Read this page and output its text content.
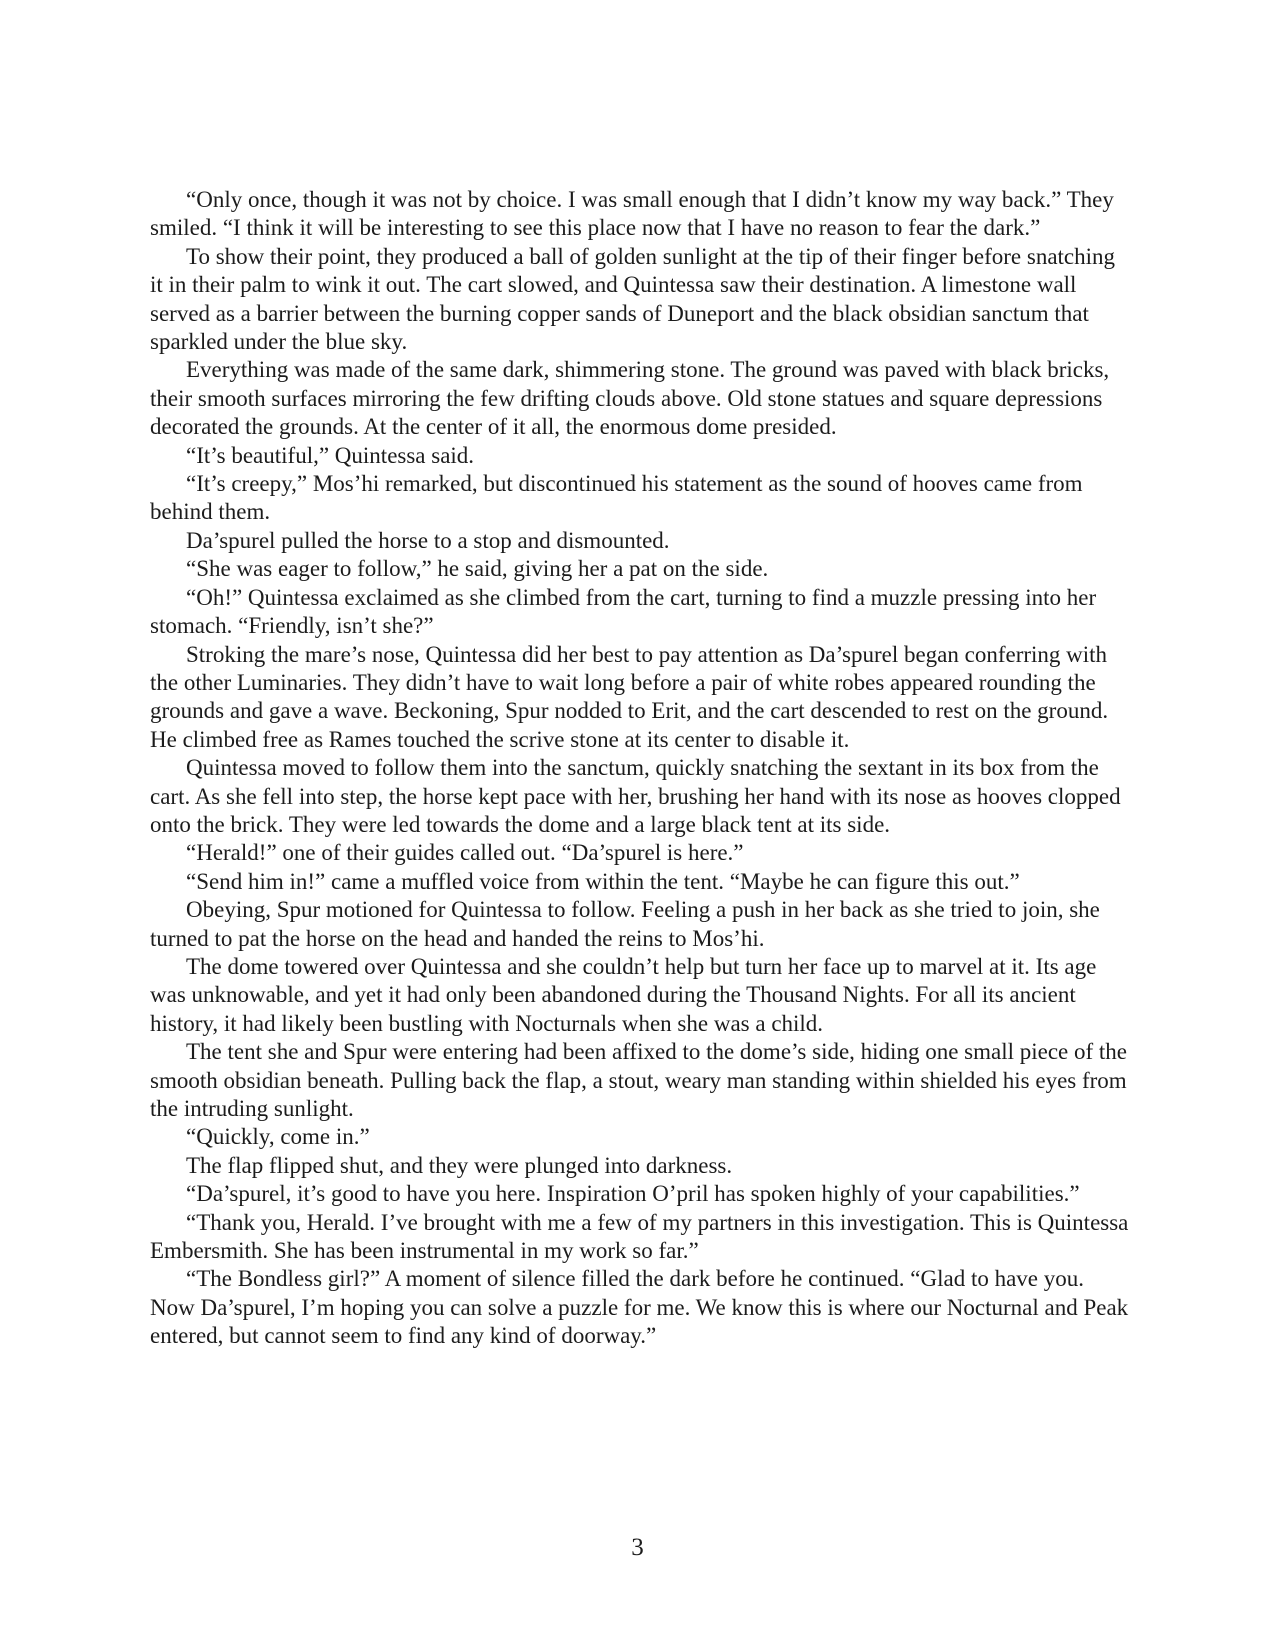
“Only once, though it was not by choice. I was small enough that I didn’t know my way back.” They smiled. “I think it will be interesting to see this place now that I have no reason to fear the dark.”

To show their point, they produced a ball of golden sunlight at the tip of their finger before snatching it in their palm to wink it out. The cart slowed, and Quintessa saw their destination. A limestone wall served as a barrier between the burning copper sands of Duneport and the black obsidian sanctum that sparkled under the blue sky.

Everything was made of the same dark, shimmering stone. The ground was paved with black bricks, their smooth surfaces mirroring the few drifting clouds above. Old stone statues and square depressions decorated the grounds. At the center of it all, the enormous dome presided.

“It’s beautiful,” Quintessa said.

“It’s creepy,” Mos’hi remarked, but discontinued his statement as the sound of hooves came from behind them.

Da’spurel pulled the horse to a stop and dismounted.

“She was eager to follow,” he said, giving her a pat on the side.

“Oh!” Quintessa exclaimed as she climbed from the cart, turning to find a muzzle pressing into her stomach. “Friendly, isn’t she?”

Stroking the mare’s nose, Quintessa did her best to pay attention as Da’spurel began conferring with the other Luminaries. They didn’t have to wait long before a pair of white robes appeared rounding the grounds and gave a wave. Beckoning, Spur nodded to Erit, and the cart descended to rest on the ground. He climbed free as Rames touched the scrive stone at its center to disable it.

Quintessa moved to follow them into the sanctum, quickly snatching the sextant in its box from the cart. As she fell into step, the horse kept pace with her, brushing her hand with its nose as hooves clopped onto the brick. They were led towards the dome and a large black tent at its side.

“Herald!” one of their guides called out. “Da’spurel is here.”

“Send him in!” came a muffled voice from within the tent. “Maybe he can figure this out.”

Obeying, Spur motioned for Quintessa to follow. Feeling a push in her back as she tried to join, she turned to pat the horse on the head and handed the reins to Mos’hi.

The dome towered over Quintessa and she couldn’t help but turn her face up to marvel at it. Its age was unknowable, and yet it had only been abandoned during the Thousand Nights. For all its ancient history, it had likely been bustling with Nocturnals when she was a child.

The tent she and Spur were entering had been affixed to the dome’s side, hiding one small piece of the smooth obsidian beneath. Pulling back the flap, a stout, weary man standing within shielded his eyes from the intruding sunlight.

“Quickly, come in.”

The flap flipped shut, and they were plunged into darkness.

“Da’spurel, it’s good to have you here. Inspiration O’pril has spoken highly of your capabilities.”

“Thank you, Herald. I’ve brought with me a few of my partners in this investigation. This is Quintessa Embersmith. She has been instrumental in my work so far.”

“The Bondless girl?” A moment of silence filled the dark before he continued. “Glad to have you. Now Da’spurel, I’m hoping you can solve a puzzle for me. We know this is where our Nocturnal and Peak entered, but cannot seem to find any kind of doorway.”

3
